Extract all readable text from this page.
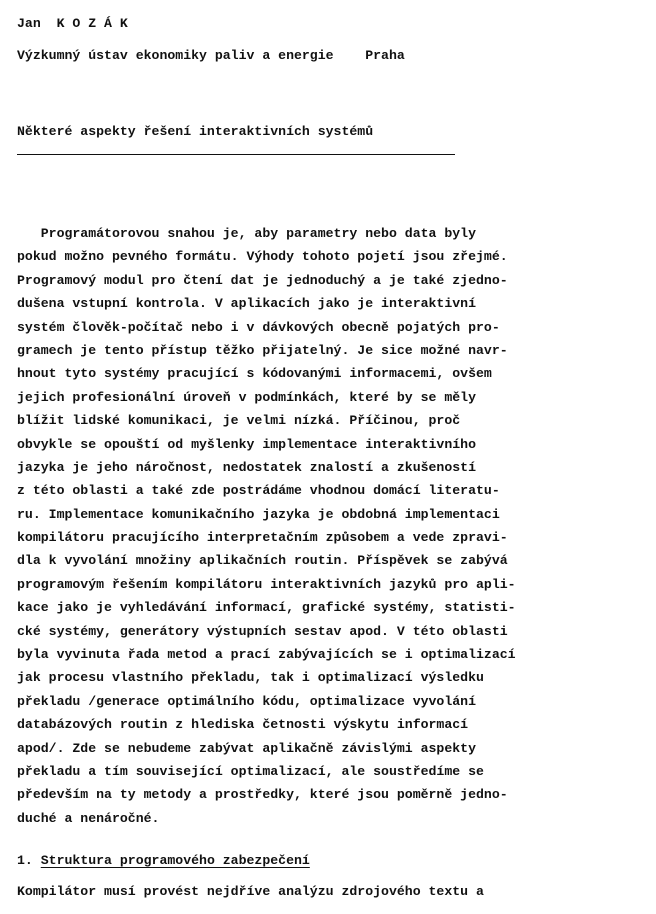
Jan  K O Z Á K
Výzkumný ústav ekonomiky paliv a energie Praha
Některé aspekty řešení interaktivních systémů
Programátorovou snahou je, aby parametry nebo data byly
pokud možno pevného formátu. Výhody tohoto pojetí jsou zřejmé.
Programový modul pro čtení dat je jednoduchý a je také zjedno-
dušena vstupní kontrola. V aplikacích jako je interaktivní
systém člověk-počítač nebo i v dávkových obecně pojatých pro-
gramech je tento přístup těžko přijatelný. Je sice možné navr-
hnout tyto systémy pracující s kódovanými informacemi, ovšem
jejich profesionální úroveň v podmínkách, které by se měly
blížit lidské komunikaci, je velmi nízká. Příčinou, proč
obvykle se opouští od myšlenky implementace interaktivního
jazyka je jeho náročnost, nedostatek znalostí a zkušeností
z této oblasti a také zde postrádáme vhodnou domácí literatu-
ru. Implementace komunikačního jazyka je obdobná implementaci
kompilátoru pracujícího interpretačním způsobem a vede zpravi-
dla k vyvolání množiny aplikačních routin. Příspěvek se zabývá
programovým řešením kompilátoru interaktivních jazyků pro apli-
kace jako je vyhledávání informací, grafické systémy, statisti-
cké systémy, generátory výstupních sestav apod. V této oblasti
byla vyvinuta řada metod a prací zabývajících se i optimalizací
jak procesu vlastního překladu, tak i optimalizací výsledku
překladu /generace optimálního kódu, optimalizace vyvolání
databázových routin z hlediska četnosti výskytu informací
apod/. Zde se nebudeme zabývat aplikačně závislými aspekty
překladu a tím související optimalizací, ale soustředíme se
především na ty metody a prostředky, které jsou poměrně jedno-
duché a nenáročné.
1. Struktura programového zabezpečení
Kompilátor musí provést nejdříve analýzu zdrojového textu a
